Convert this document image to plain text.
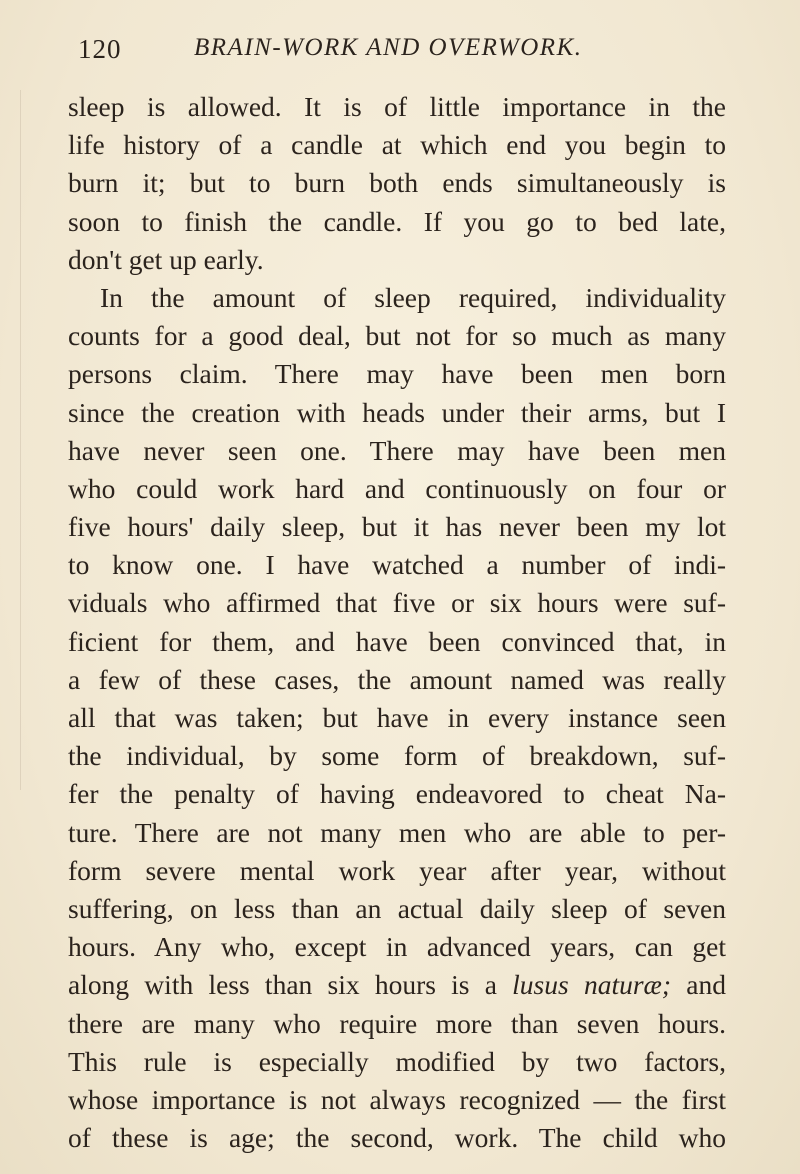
120	BRAIN-WORK AND OVERWORK.
sleep is allowed. It is of little importance in the
life history of a candle at which end you begin to
burn it; but to burn both ends simultaneously is
soon to finish the candle. If you go to bed late,
don't get up early.
In the amount of sleep required, individuality
counts for a good deal, but not for so much as many
persons claim. There may have been men born
since the creation with heads under their arms, but I
have never seen one. There may have been men
who could work hard and continuously on four or
five hours' daily sleep, but it has never been my lot
to know one. I have watched a number of indi-
viduals who affirmed that five or six hours were suf-
ficient for them, and have been convinced that, in
a few of these cases, the amount named was really
all that was taken; but have in every instance seen
the individual, by some form of breakdown, suf-
fer the penalty of having endeavored to cheat Na-
ture. There are not many men who are able to per-
form severe mental work year after year, without
suffering, on less than an actual daily sleep of seven
hours. Any who, except in advanced years, can get
along with less than six hours is a lusus naturæ; and
there are many who require more than seven hours.
This rule is especially modified by two factors,
whose importance is not always recognized — the first
of these is age; the second, work. The child who
